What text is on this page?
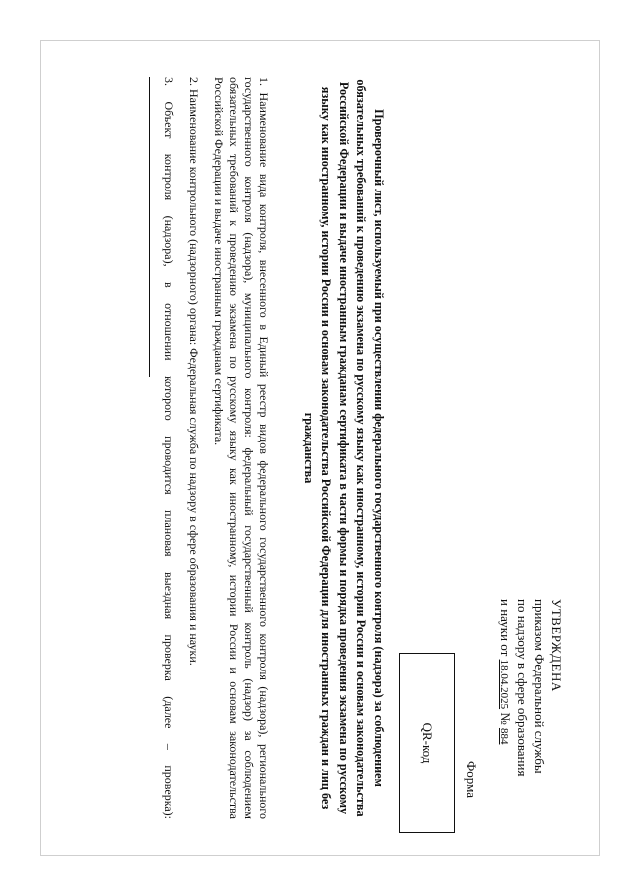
УТВЕРЖДЕНА
приказом Федеральной службы
по надзору в сфере образования
и науки от 18.04.2025 № 884
Форма
QR-код
Проверочный лист, используемый при осуществлении федерального государственного контроля (надзора) за соблюдением обязательных требований к проведению экзамена по русскому языку как иностранному, истории России и основам законодательства Российской Федерации и выдаче иностранным гражданам сертификата в части формы и порядка проведения экзамена по русскому языку как иностранному, истории России и основам законодательства Российской Федерации для иностранных граждан и лиц без гражданства

1. Наименование вида контроля, внесенного в Единый реестр видов федерального государственного контроля (надзора), регионального государственного контроля (надзора), муниципального контроля: федеральный государственный контроль (надзор) за соблюдением обязательных требований к проведению экзамена по русскому языку как иностранному, истории России и основам законодательства Российской Федерации и выдаче иностранным гражданам сертификата.

2. Наименование контрольного (надзорного) органа: Федеральная служба по надзору в сфере образования и науки.

3. Объект контроля (надзора), в отношении которого проводится плановая выездная проверка (далее – проверка):
